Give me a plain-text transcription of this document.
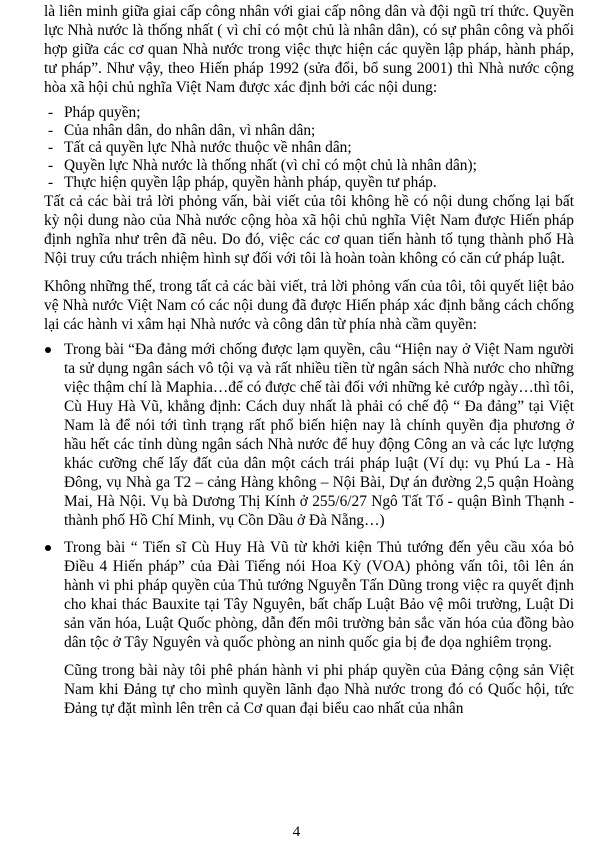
là liên minh giữa giai cấp công nhân với giai cấp nông dân và đội ngũ trí thức. Quyền lực Nhà nước là thống nhất ( vì chỉ có một chủ là nhân dân), có sự phân công và phối hợp giữa các cơ quan Nhà nước trong việc thực hiện các quyền lập pháp, hành pháp, tư pháp”. Như vậy, theo Hiến pháp 1992 (sửa đổi, bổ sung 2001) thì Nhà nước cộng hòa xã hội chủ nghĩa Việt Nam được xác định bởi các nội dung:

- Pháp quyền;
- Của nhân dân, do nhân dân, vì nhân dân;
- Tất cả quyền lực Nhà nước thuộc về nhân dân;
- Quyền lực Nhà nước là thống nhất (vì chỉ có một chủ là nhân dân);
- Thực hiện quyền lập pháp, quyền hành pháp, quyền tư pháp.

Tất cả các bài trả lời phỏng vấn, bài viết của tôi không hề có nội dung chống lại bất kỳ nội dung nào của Nhà nước cộng hòa xã hội chủ nghĩa Việt Nam được Hiến pháp định nghĩa như trên đã nêu. Do đó, việc các cơ quan tiến hành tố tụng thành phố Hà Nội truy cứu trách nhiệm hình sự đối với tôi là hoàn toàn không có căn cứ pháp luật.

Không những thế, trong tất cả các bài viết, trả lời phỏng vấn của tôi, tôi quyết liệt bảo vệ Nhà nước Việt Nam có các nội dung đã được Hiến pháp xác định bằng cách chống lại các hành vi xâm hại Nhà nước và công dân từ phía nhà cầm quyền:

Trong bài “Đa đảng mới chống được lạm quyền, câu “Hiện nay ở Việt Nam người ta sử dụng ngân sách vô tội vạ và rất nhiều tiền từ ngân sách Nhà nước cho những việc thậm chí là Maphia…để có được chế tài đối với những kẻ cướp ngày…thì tôi, Cù Huy Hà Vũ, khẳng định: Cách duy nhất là phải có chế độ “ Đa đảng” tại Việt Nam là để nói tới tình trạng rất phổ biến hiện nay là chính quyền địa phương ở hầu hết các tỉnh dùng ngân sách Nhà nước để huy động Công an và các lực lượng khác cưỡng chế lấy đất của dân một cách trái pháp luật (Ví dụ: vụ Phú La - Hà Đông, vụ Nhà ga T2 – cảng Hàng không – Nội Bài, Dự án đường 2,5 quận Hoàng Mai, Hà Nội. Vụ bà Dương Thị Kính ở 255/6/27 Ngô Tất Tố - quận Bình Thạnh - thành phố Hồ Chí Minh, vụ Cồn Dầu ở Đà Nẵng…)

Trong bài “ Tiến sĩ Cù Huy Hà Vũ từ khởi kiện Thủ tướng đến yêu cầu xóa bỏ Điều 4 Hiến pháp” của Đài Tiếng nói Hoa Kỳ (VOA) phỏng vấn tôi, tôi lên án hành vi phi pháp quyền của Thủ tướng Nguyễn Tấn Dũng trong việc ra quyết định cho khai thác Bauxite tại Tây Nguyên, bất chấp Luật Bảo vệ môi trường, Luật Di sản văn hóa, Luật Quốc phòng, dẫn đến môi trường bản sắc văn hóa của đồng bào dân tộc ở Tây Nguyên và quốc phòng an ninh quốc gia bị đe dọa nghiêm trọng.

Cũng trong bài này tôi phê phán hành vi phi pháp quyền của Đảng cộng sản Việt Nam khi Đảng tự cho mình quyền lãnh đạo Nhà nước trong đó có Quốc hội, tức Đảng tự đặt mình lên trên cả Cơ quan đại biểu cao nhất của nhân

4
